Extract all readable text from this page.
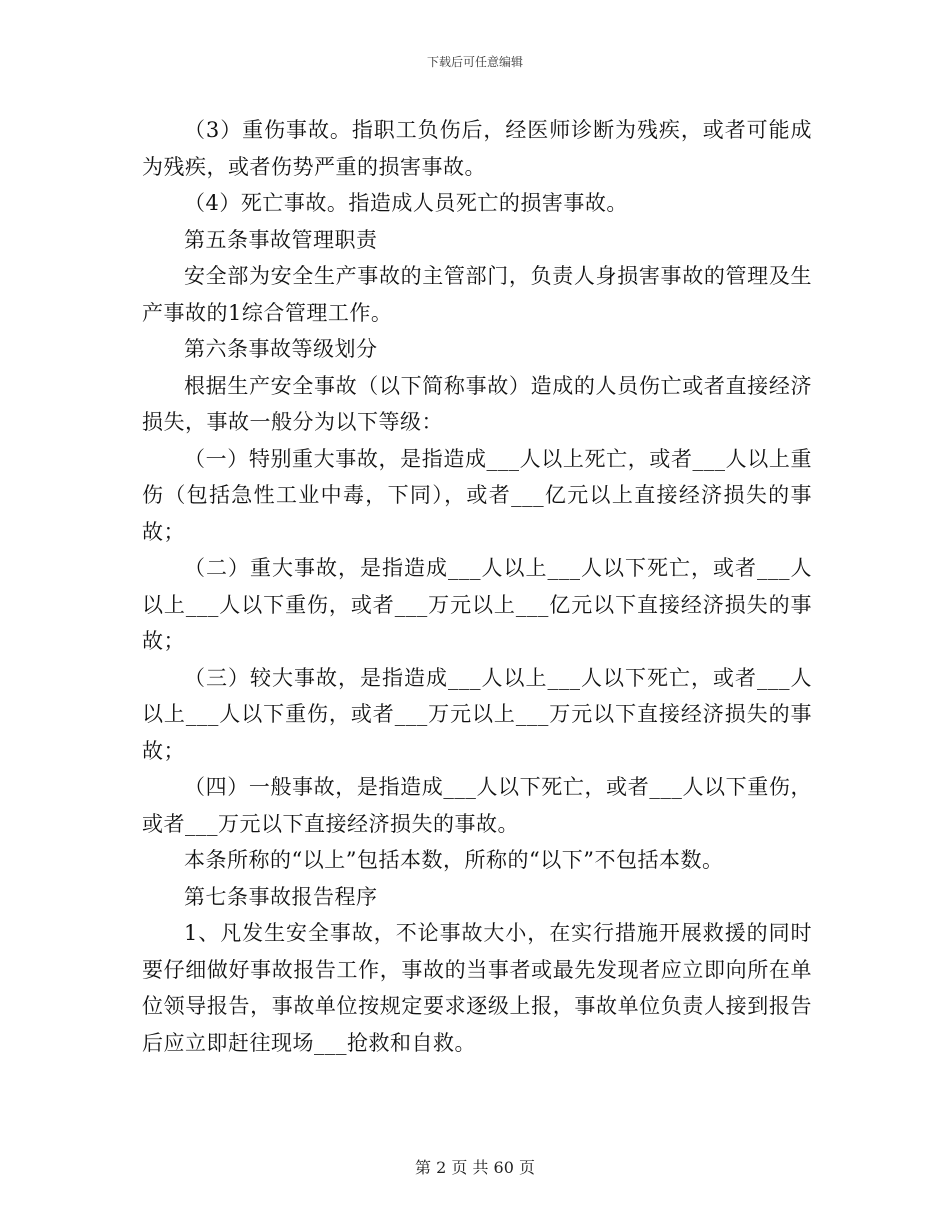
下载后可任意编辑

（3）重伤事故。指职工负伤后，经医师诊断为残疾，或者可能成为残疾，或者伤势严重的损害事故。

（4）死亡事故。指造成人员死亡的损害事故。

第五条事故管理职责

安全部为安全生产事故的主管部门，负责人身损害事故的管理及生产事故的1综合管理工作。

第六条事故等级划分

根据生产安全事故（以下简称事故）造成的人员伤亡或者直接经济损失，事故一般分为以下等级：

（一）特别重大事故，是指造成___人以上死亡，或者___人以上重伤（包括急性工业中毒，下同），或者___亿元以上直接经济损失的事故；

（二）重大事故，是指造成___人以上___人以下死亡，或者___人以上___人以下重伤，或者___万元以上___亿元以下直接经济损失的事故；

（三）较大事故，是指造成___人以上___人以下死亡，或者___人以上___人以下重伤，或者___万元以上___万元以下直接经济损失的事故；

（四）一般事故，是指造成___人以下死亡，或者___人以下重伤，或者___万元以下直接经济损失的事故。

本条所称的“以上”包括本数，所称的“以下”不包括本数。

第七条事故报告程序

1、凡发生安全事故，不论事故大小，在实行措施开展救援的同时要仔细做好事故报告工作，事故的当事者或最先发现者应立即向所在单位领导报告，事故单位按规定要求逐级上报，事故单位负责人接到报告后应立即赶往现场___抢救和自救。

第 2 页 共 60 页
